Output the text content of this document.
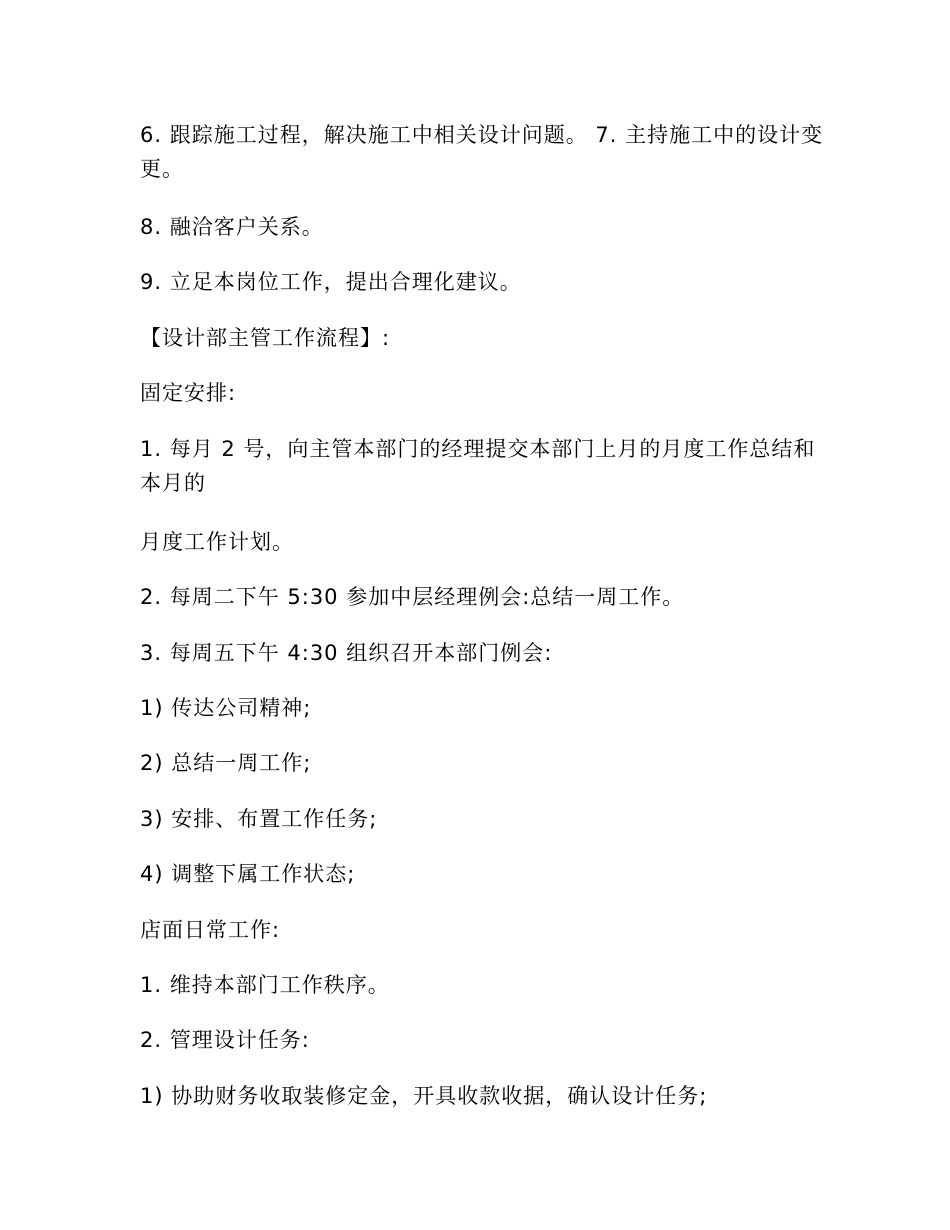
6. 跟踪施工过程，解决施工中相关设计问题。 7. 主持施工中的设计变更。
8. 融洽客户关系。
9. 立足本岗位工作，提出合理化建议。
【设计部主管工作流程】:
固定安排:
1. 每月 2 号，向主管本部门的经理提交本部门上月的月度工作总结和本月的
月度工作计划。
2. 每周二下午 5:30 参加中层经理例会:总结一周工作。
3. 每周五下午 4:30 组织召开本部门例会:
1) 传达公司精神;
2) 总结一周工作;
3) 安排、布置工作任务;
4) 调整下属工作状态;
店面日常工作:
1. 维持本部门工作秩序。
2. 管理设计任务:
1) 协助财务收取装修定金，开具收款收据，确认设计任务;
